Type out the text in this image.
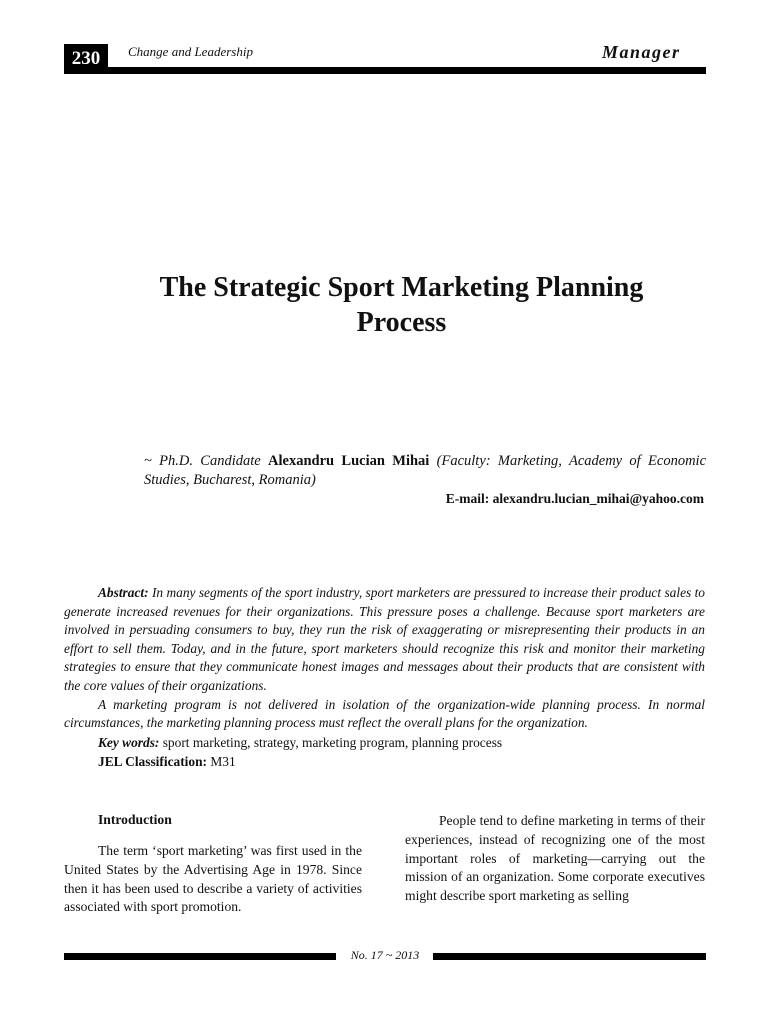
230	Change and Leadership	Manager
The Strategic Sport Marketing Planning
Process
~ Ph.D. Candidate Alexandru Lucian Mihai (Faculty: Marketing, Academy of Economic Studies, Bucharest, Romania)
E-mail: alexandru.lucian_mihai@yahoo.com

Abstract: In many segments of the sport industry, sport marketers are pressured to increase their product sales to generate increased revenues for their organizations. This pressure poses a challenge. Because sport marketers are involved in persuading consumers to buy, they run the risk of exaggerating or misrepresenting their products in an effort to sell them. Today, and in the future, sport marketers should recognize this risk and monitor their marketing strategies to ensure that they communicate honest images and messages about their products that are consistent with the core values of their organizations.

A marketing program is not delivered in isolation of the organization-wide planning process. In normal circumstances, the marketing planning process must reflect the overall plans for the organization.

Key words: sport marketing, strategy, marketing program, planning process
JEL Classification: M31
Introduction

The term ‘sport marketing’ was first used in the United States by the Advertising Age in 1978. Since then it has been used to describe a variety of activities associated with sport promotion.

People tend to define marketing in terms of their experiences, instead of recognizing one of the most important roles of marketing—carrying out the mission of an organization. Some corporate executives might describe sport marketing as selling

No. 17 ~ 2013
